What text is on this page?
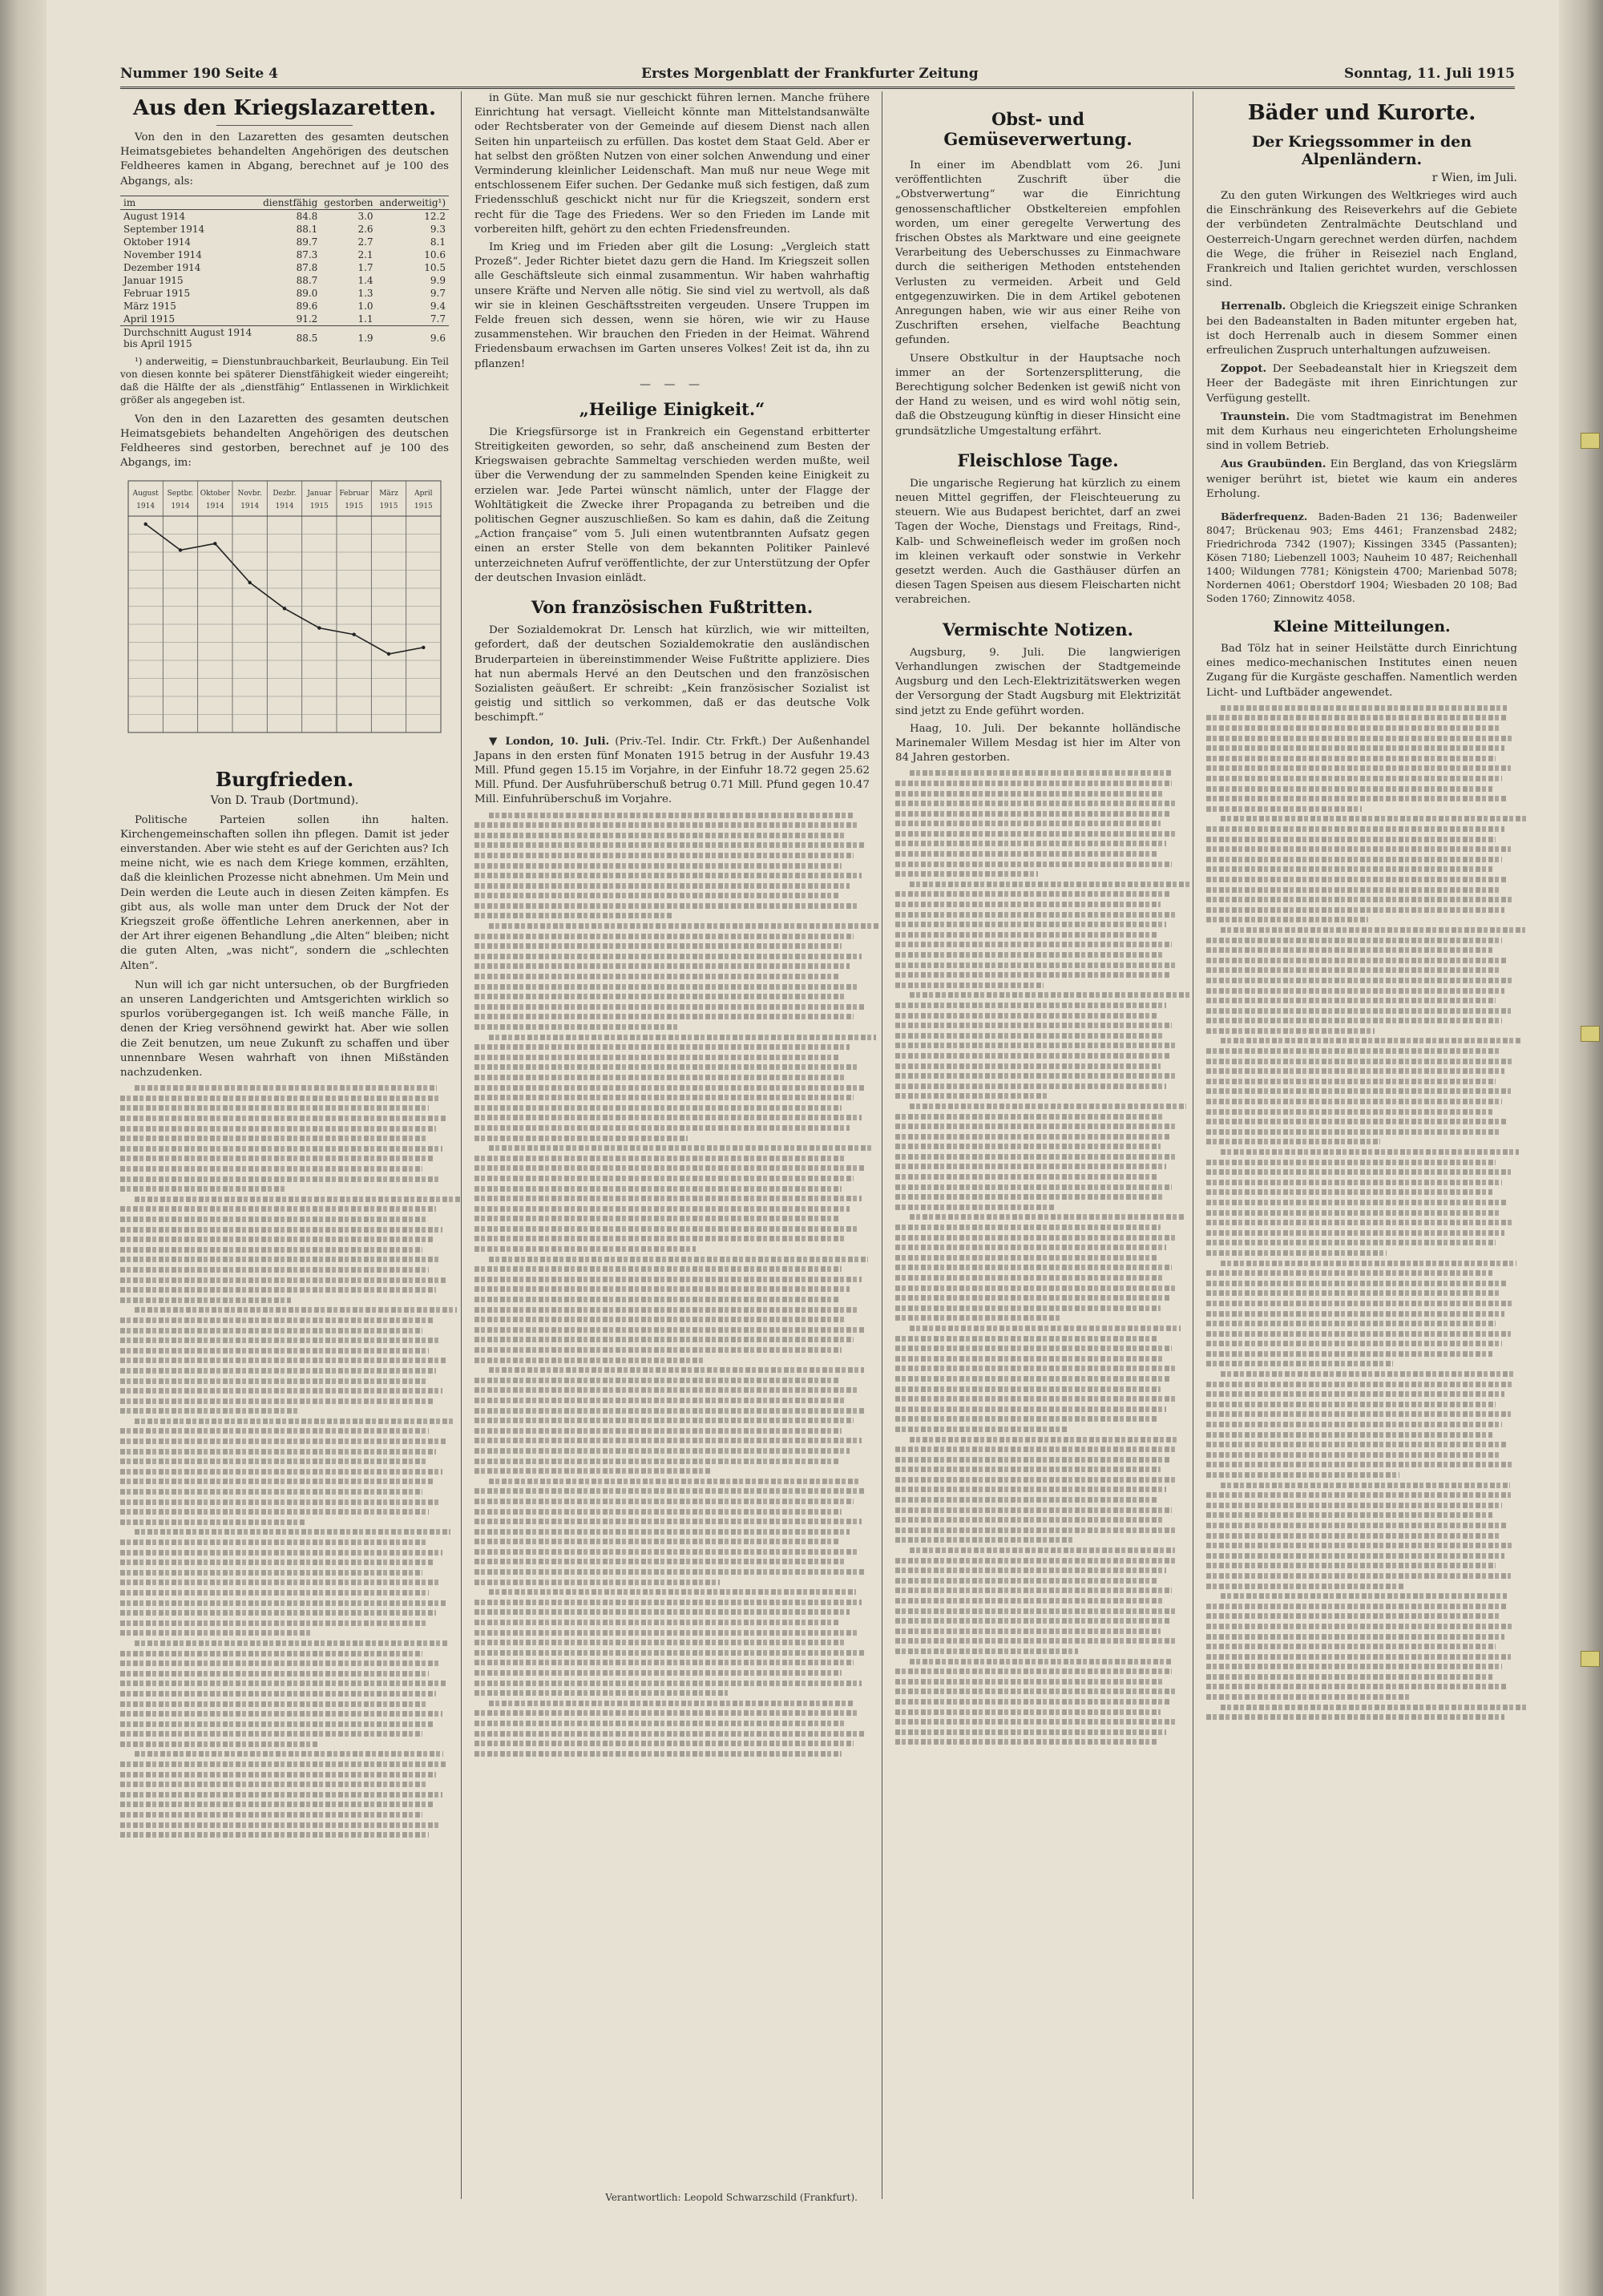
Nummer 190 Seite 4	Erstes Morgenblatt der Frankfurter Zeitung	Sonntag, 11. Juli 1915
Aus den Kriegslazaretten.

Von den in den Lazaretten des gesamten deutschen Heimatsgebietes behandelten Angehörigen des deutschen Feldheeres kamen in Abgang, berechnet auf je 100 des Abgangs, als:

im	dienstfähig	gestorben	anderweitig¹)
August 1914	84.8	3.0	12.2
September 1914	88.1	2.6	9.3
Oktober 1914	89.7	2.7	8.1
November 1914	87.3	2.1	10.6
Dezember 1914	87.8	1.7	10.5
Januar 1915	88.7	1.4	9.9
Februar 1915	89.0	1.3	9.7
März 1915	89.6	1.0	9.4
April 1915	91.2	1.1	7.7
Durchschnitt August 1914 bis April 1915	88.5	1.9	9.6

¹) anderweitig, = Dienstunbrauchbarkeit, Beurlaubung. Ein Teil von diesen konnte bei späterer Dienstfähigkeit wieder eingereiht; daß die Hälfte der als „dienstfähig“ Entlassenen in Wirklichkeit größer als angegeben ist.

Von den in den Lazaretten des gesamten deutschen Heimatsgebiets behandelten Angehörigen des deutschen Feldheeres sind gestorben, berechnet auf je 100 des Abgangs, im:

August
1914
Septbr.
1914
Oktober
1914
Novbr.
1914
Dezbr.
1914
Januar
1915
Februar
1915
März
1915
April
1915
Burgfrieden.
Von D. Traub (Dortmund).

Politische Parteien sollen ihn halten. Kirchengemeinschaften sollen ihn pflegen. Damit ist jeder einverstanden. Aber wie steht es auf der Gerichten aus? Ich meine nicht, wie es nach dem Kriege kommen, erzählten, daß die kleinlichen Prozesse nicht abnehmen. Um Mein und Dein werden die Leute auch in diesen Zeiten kämpfen. Es gibt aus, als wolle man unter dem Druck der Not der Kriegszeit große öffentliche Lehren anerkennen, aber in der Art ihrer eigenen Behandlung „die Alten“ bleiben; nicht die guten Alten, „was nicht“, sondern die „schlechten Alten“.

Nun will ich gar nicht untersuchen, ob der Burgfrieden an unseren Landgerichten und Amtsgerichten wirklich so spurlos vorübergegangen ist. Ich weiß manche Fälle, in denen der Krieg versöhnend gewirkt hat. Aber wie sollen die Zeit benutzen, um neue Zukunft zu schaffen und über unnennbare Wesen wahrhaft von ihnen Mißständen nachzudenken.

in Güte. Man muß sie nur geschickt führen lernen. Manche frühere Einrichtung hat versagt. Vielleicht könnte man Mittelstandsanwälte oder Rechtsberater von der Gemeinde auf diesem Dienst nach allen Seiten hin unparteiisch zu erfüllen. Das kostet dem Staat Geld. Aber er hat selbst den größten Nutzen von einer solchen Anwendung und einer Verminderung kleinlicher Leidenschaft. Man muß nur neue Wege mit entschlossenem Eifer suchen. Der Gedanke muß sich festigen, daß zum Friedensschluß geschickt nicht nur für die Kriegszeit, sondern erst recht für die Tage des Friedens. Wer so den Frieden im Lande mit vorbereiten hilft, gehört zu den echten Friedensfreunden.

Im Krieg und im Frieden aber gilt die Losung: „Vergleich statt Prozeß“. Jeder Richter bietet dazu gern die Hand. Im Kriegszeit sollen alle Geschäftsleute sich einmal zusammentun. Wir haben wahrhaftig unsere Kräfte und Nerven alle nötig. Sie sind viel zu wertvoll, als daß wir sie in kleinen Geschäftsstreiten vergeuden. Unsere Truppen im Felde freuen sich dessen, wenn sie hören, wie wir zu Hause zusammenstehen. Wir brauchen den Frieden in der Heimat. Während Friedensbaum erwachsen im Garten unseres Volkes! Zeit ist da, ihn zu pflanzen!

— — —
„Heilige Einigkeit.“

Die Kriegsfürsorge ist in Frankreich ein Gegenstand erbitterter Streitigkeiten geworden, so sehr, daß anscheinend zum Besten der Kriegswaisen gebrachte Sammeltag verschieden werden mußte, weil über die Verwendung der zu sammelnden Spenden keine Einigkeit zu erzielen war. Jede Partei wünscht nämlich, unter der Flagge der Wohltätigkeit die Zwecke ihrer Propaganda zu betreiben und die politischen Gegner auszuschließen. So kam es dahin, daß die Zeitung „Action française“ vom 5. Juli einen wutentbrannten Aufsatz gegen einen an erster Stelle von dem bekannten Politiker Painlevé unterzeichneten Aufruf veröffentlichte, der zur Unterstützung der Opfer der deutschen Invasion einlädt.

Von französischen Fußtritten.

Der Sozialdemokrat Dr. Lensch hat kürzlich, wie wir mitteilten, gefordert, daß der deutschen Sozialdemokratie den ausländischen Bruderparteien in übereinstimmender Weise Fußtritte appliziere. Dies hat nun abermals Hervé an den Deutschen und den französischen Sozialisten geäußert. Er schreibt: „Kein französischer Sozialist ist geistig und sittlich so verkommen, daß er das deutsche Volk beschimpft.“

▼ London, 10. Juli. (Priv.-Tel. Indir. Ctr. Frkft.) Der Außenhandel Japans in den ersten fünf Monaten 1915 betrug in der Ausfuhr 19.43 Mill. Pfund gegen 15.15 im Vorjahre, in der Einfuhr 18.72 gegen 25.62 Mill. Pfund. Der Ausfuhrüberschuß betrug 0.71 Mill. Pfund gegen 10.47 Mill. Einfuhrüberschuß im Vorjahre.

Obst- und Gemüseverwertung.

In einer im Abendblatt vom 26. Juni veröffentlichten Zuschrift über die „Obstverwertung“ war die Einrichtung genossenschaftlicher Obstkeltereien empfohlen worden, um einer geregelte Verwertung des frischen Obstes als Marktware und eine geeignete Verarbeitung des Ueberschusses zu Einmachware durch die seitherigen Methoden entstehenden Verlusten zu vermeiden. Arbeit und Geld entgegenzuwirken. Die in dem Artikel gebotenen Anregungen haben, wie wir aus einer Reihe von Zuschriften ersehen, vielfache Beachtung gefunden.

Unsere Obstkultur in der Hauptsache noch immer an der Sortenzersplitterung, die Berechtigung solcher Bedenken ist gewiß nicht von der Hand zu weisen, und es wird wohl nötig sein, daß die Obstzeugung künftig in dieser Hinsicht eine grundsätzliche Umgestaltung erfährt.

Fleischlose Tage.

Die ungarische Regierung hat kürzlich zu einem neuen Mittel gegriffen, der Fleischteuerung zu steuern. Wie aus Budapest berichtet, darf an zwei Tagen der Woche, Dienstags und Freitags, Rind-, Kalb- und Schweinefleisch weder im großen noch im kleinen verkauft oder sonstwie in Verkehr gesetzt werden. Auch die Gasthäuser dürfen an diesen Tagen Speisen aus diesem Fleischarten nicht verabreichen.

Vermischte Notizen.

Augsburg, 9. Juli. Die langwierigen Verhandlungen zwischen der Stadtgemeinde Augsburg und den Lech-Elektrizitätswerken wegen der Versorgung der Stadt Augsburg mit Elektrizität sind jetzt zu Ende geführt worden.

Haag, 10. Juli. Der bekannte holländische Marinemaler Willem Mesdag ist hier im Alter von 84 Jahren gestorben.

Bäder und Kurorte.
Der Kriegssommer in den Alpenländern.
r Wien, im Juli.

Zu den guten Wirkungen des Weltkrieges wird auch die Einschränkung des Reiseverkehrs auf die Gebiete der verbündeten Zentralmächte Deutschland und Oesterreich-Ungarn gerechnet werden dürfen, nachdem die Wege, die früher in Reiseziel nach England, Frankreich und Italien gerichtet wurden, verschlossen sind.

Herrenalb. Obgleich die Kriegszeit einige Schranken bei den Badeanstalten in Baden mitunter ergeben hat, ist doch Herrenalb auch in diesem Sommer einen erfreulichen Zuspruch unterhaltungen aufzuweisen.

Zoppot. Der Seebadeanstalt hier in Kriegszeit dem Heer der Badegäste mit ihren Einrichtungen zur Verfügung gestellt.

Traunstein. Die vom Stadtmagistrat im Benehmen mit dem Kurhaus neu eingerichteten Erholungsheime sind in vollem Betrieb.

Aus Graubünden. Ein Bergland, das von Kriegslärm weniger berührt ist, bietet wie kaum ein anderes Erholung.

Bäderfrequenz. Baden-Baden 21 136; Badenweiler 8047; Brückenau 903; Ems 4461; Franzensbad 2482; Friedrichroda 7342 (1907); Kissingen 3345 (Passanten); Kösen 7180; Liebenzell 1003; Nauheim 10 487; Reichenhall 1400; Wildungen 7781; Königstein 4700; Marienbad 5078; Nordernen 4061; Oberstdorf 1904; Wiesbaden 20 108; Bad Soden 1760; Zinnowitz 4058.

Kleine Mitteilungen.

Bad Tölz hat in seiner Heilstätte durch Einrichtung eines medico-mechanischen Institutes einen neuen Zugang für die Kurgäste geschaffen. Namentlich werden Licht- und Luftbäder angewendet.

Verantwortlich: Leopold Schwarzschild (Frankfurt).
